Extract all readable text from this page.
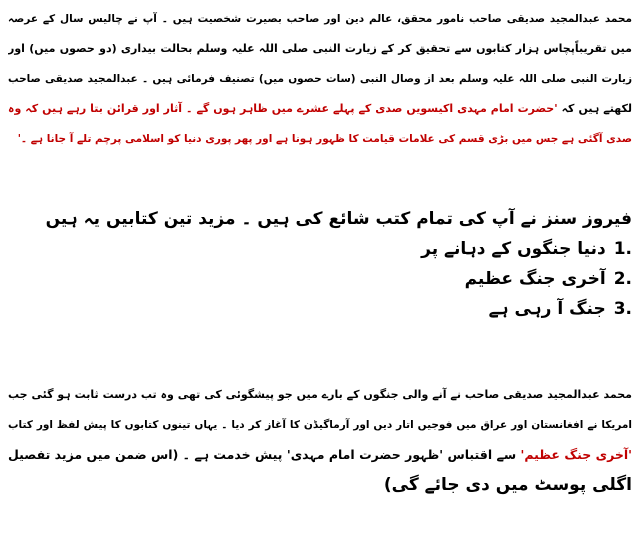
محمد عبدالمجید صدیقی صاحب نامور محقق، عالم دین اور صاحب بصیرت شخصیت ہیں ۔ آپ نے چالیس سال کے عرصہ
میں تقریباًپچاس ہزار کتابوں سے تحقیق کر کے زیارت النبی صلی اللہ علیہ وسلم بحالت بیداری (دو حصوں میں) اور
زیارت النبی صلی اللہ علیہ وسلم بعد از وصال النبی (سات حصوں میں) تصنیف فرمائی ہیں ۔ عبدالمجید صدیقی صاحب
لکھتے ہیں کہ 'حضرت امام مہدی اکیسویں صدی کے پہلے عشرے میں ظاہر ہوں گے ۔ آثار اور قرائن بتا رہے ہیں کہ وہ
صدی آگئی ہے جس میں بڑی قسم کی علامات قیامت کا ظہور ہونا ہے اور پھر پوری دنیا کو اسلامی پرچم تلے آ جانا ہے ۔'
فیروز سنز نے آپ کی تمام کتب شائع کی ہیں ۔ مزید تین کتابیں یہ ہیں
1.دنیا جنگوں کے دہانے پر
2.آخری جنگ عظیم
3.جنگ آ رہی ہے
محمد عبدالمجید صدیقی صاحب نے آنے والی جنگوں کے بارے میں جو پیشگوئی کی تھی وہ تب درست ثابت ہو گئی جب
امریکا نے افغانستان اور عراق میں فوجیں اتار دیں اور آرماگیڈن کا آغاز کر دیا ۔ یہاں تینوں کتابوں کا پیش لفظ اور کتاب
'آخری جنگ عظیم' سے اقتباس 'ظہور حضرت امام مہدی' پیش خدمت ہے ۔ (اس ضمن میں مزید تفصیل
اگلی پوسٹ میں دی جائے گی)
